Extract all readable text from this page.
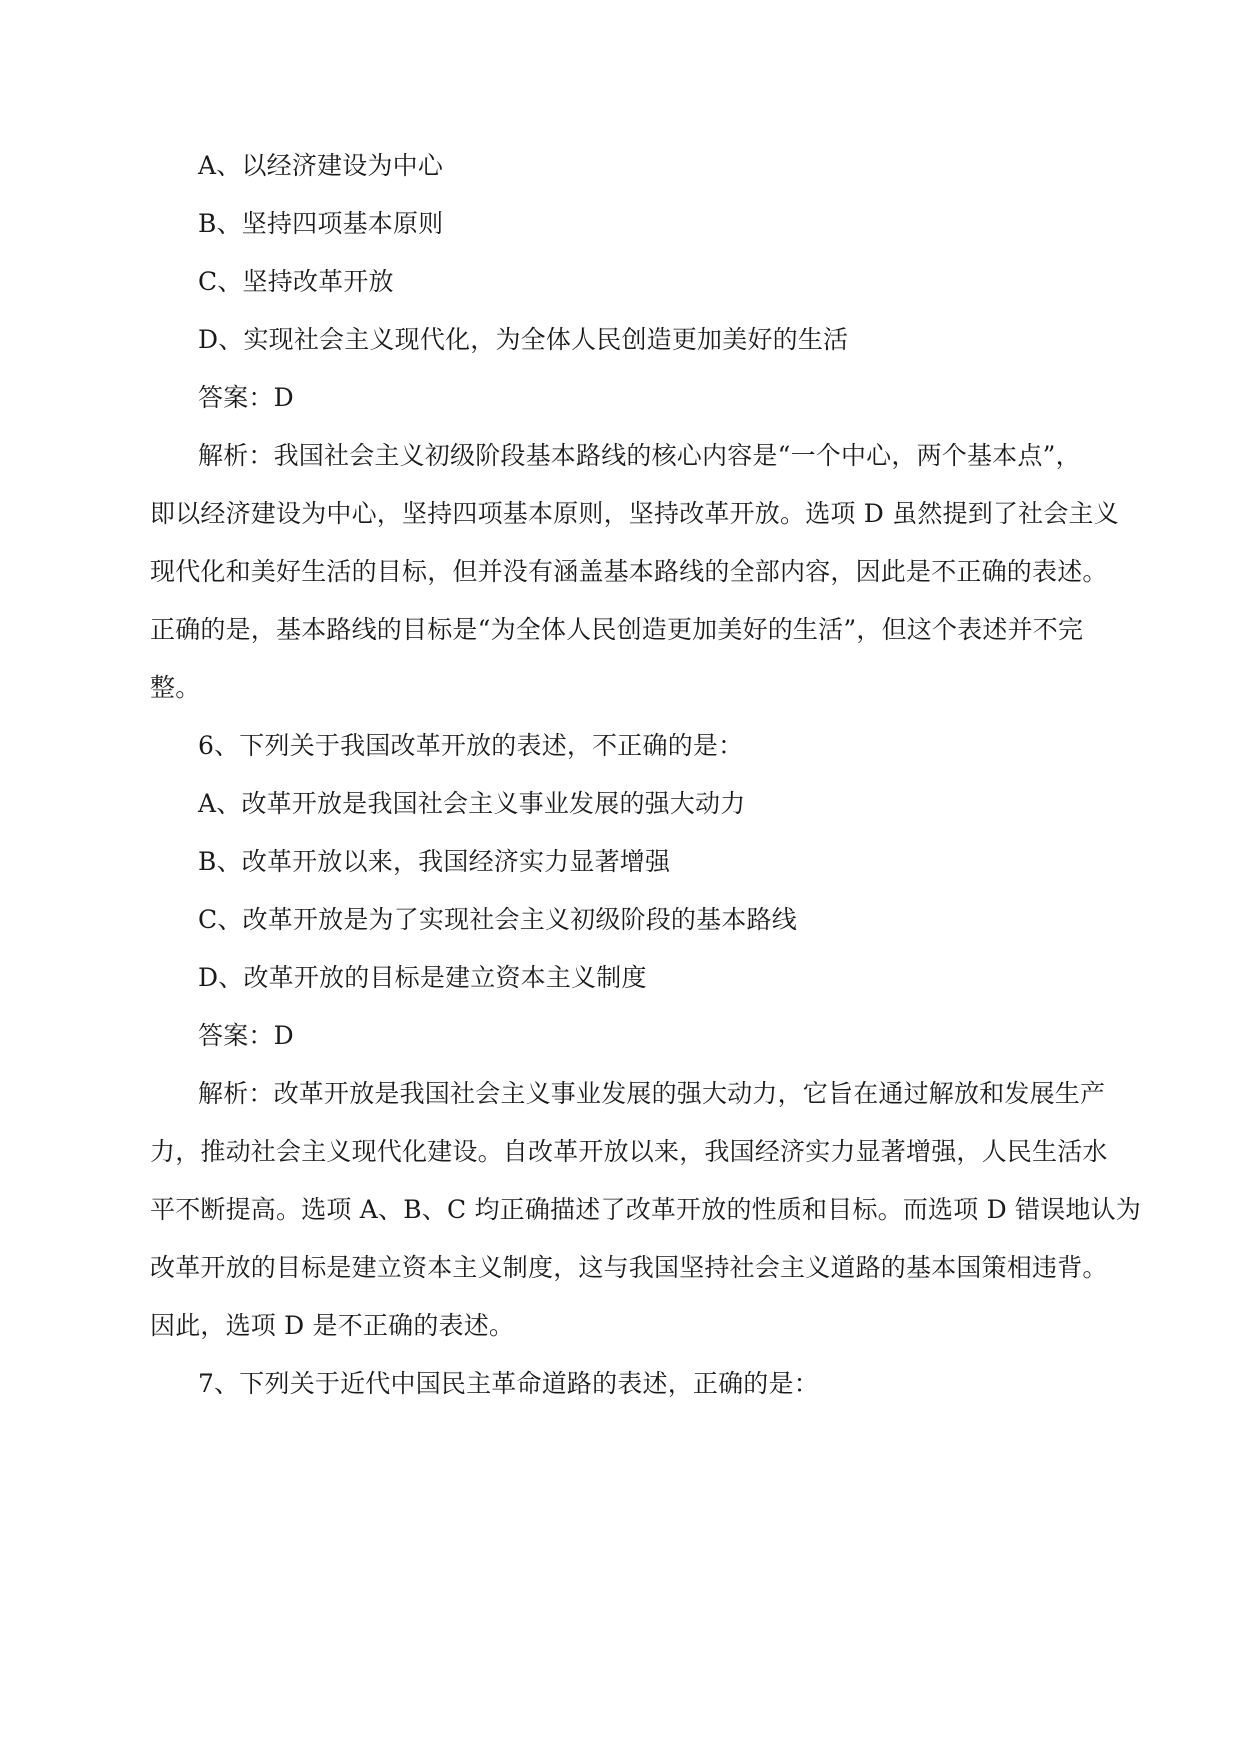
A、以经济建设为中心
B、坚持四项基本原则
C、坚持改革开放
D、实现社会主义现代化，为全体人民创造更加美好的生活
答案：D
解析：我国社会主义初级阶段基本路线的核心内容是“一个中心，两个基本点”，
即以经济建设为中心，坚持四项基本原则，坚持改革开放。选项 D 虽然提到了社会主义
现代化和美好生活的目标，但并没有涵盖基本路线的全部内容，因此是不正确的表述。
正确的是，基本路线的目标是“为全体人民创造更加美好的生活”，但这个表述并不完
整。
6、下列关于我国改革开放的表述，不正确的是：
A、改革开放是我国社会主义事业发展的强大动力
B、改革开放以来，我国经济实力显著增强
C、改革开放是为了实现社会主义初级阶段的基本路线
D、改革开放的目标是建立资本主义制度
答案：D
解析：改革开放是我国社会主义事业发展的强大动力，它旨在通过解放和发展生产
力，推动社会主义现代化建设。自改革开放以来，我国经济实力显著增强，人民生活水
平不断提高。选项 A、B、C 均正确描述了改革开放的性质和目标。而选项 D 错误地认为
改革开放的目标是建立资本主义制度，这与我国坚持社会主义道路的基本国策相违背。
因此，选项 D 是不正确的表述。
7、下列关于近代中国民主革命道路的表述，正确的是：
